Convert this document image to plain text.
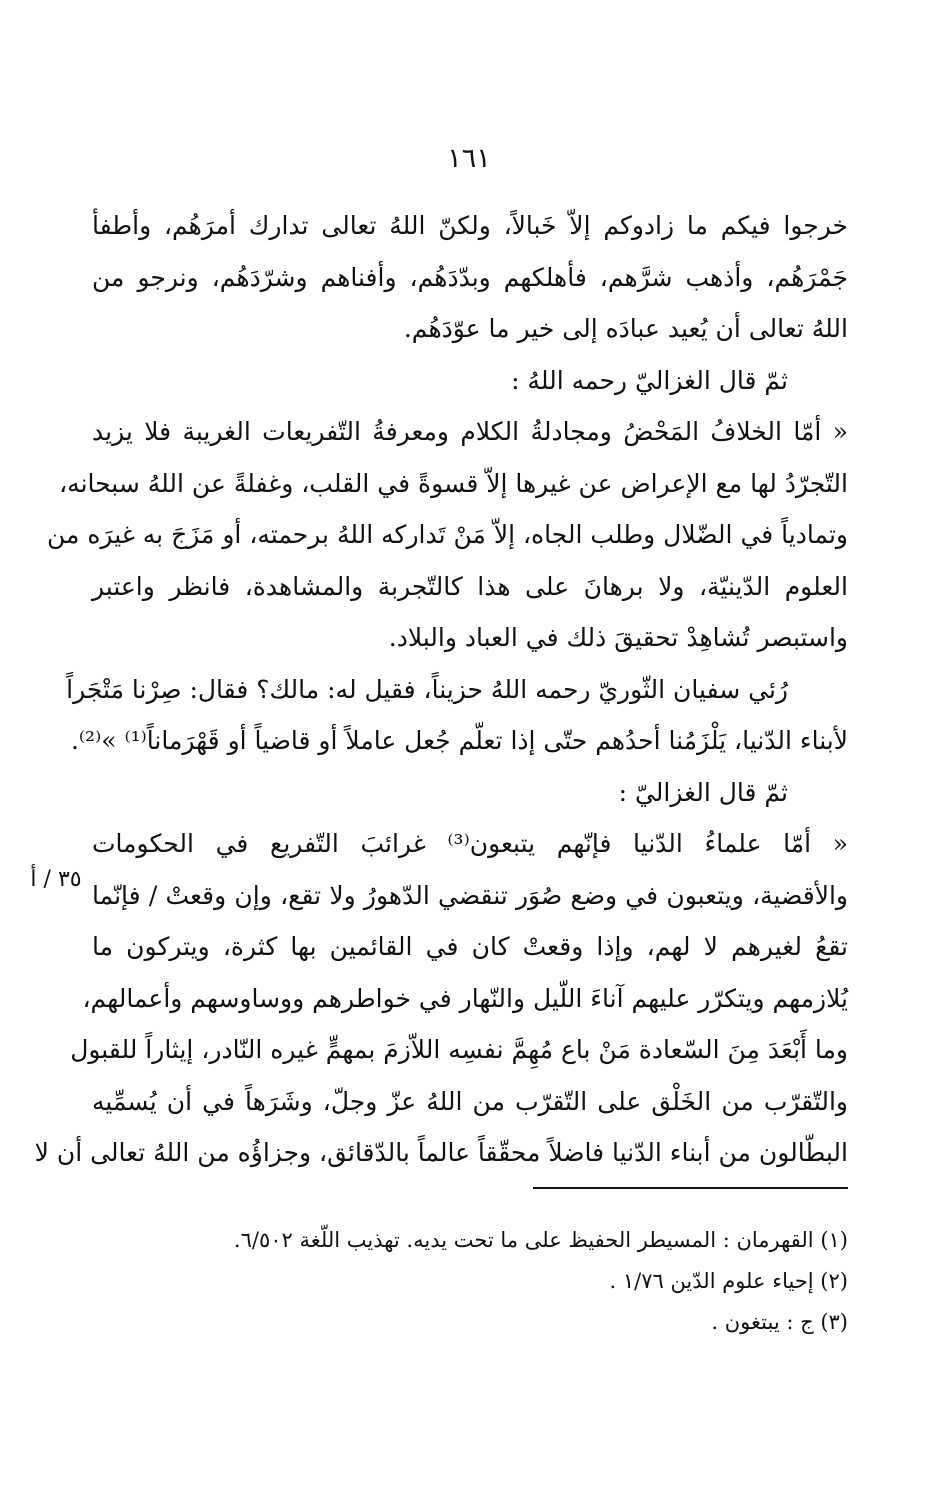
١٦١
خرجوا فيكم ما زادوكم إلاّ خَبالاً، ولكنّ اللهُ تعالى تدارك أمرَهُم، وأطفأ
جَمْرَهُم، وأذهب شرَّهم، فأهلكهم وبدّدَهُم، وأفناهم وشرّدَهُم، ونرجو من
اللهُ تعالى أن يُعيد عبادَه إلى خير ما عوّدَهُم.
ثمّ قال الغزاليّ رحمه اللهُ :
« أمّا الخلافُ المَحْضُ ومجادلةُ الكلام ومعرفةُ التّفريعات الغريبة فلا يزيد
التّجرّدُ لها مع الإعراض عن غيرها إلاّ قسوةً في القلب، وغفلةً عن اللهُ سبحانه،
وتمادياً في الضّلال وطلب الجاه، إلاّ مَنْ تَداركه اللهُ برحمته، أو مَزَجَ به غيرَه من
العلوم الدّينيّة، ولا برهانَ على هذا كالتّجربة والمشاهدة، فانظر واعتبر
واستبصر تُشاهِدْ تحقيقَ ذلك في العباد والبلاد.
رُئي سفيان الثّوريّ رحمه اللهُ حزيناً، فقيل له: مالك؟ فقال: صِرْنا مَتْجَراً
لأبناء الدّنيا، يَلْزَمُنا أحدُهم حتّى إذا تعلّم جُعل عاملاً أو قاضياً أو قَهْرَماناً⁽¹⁾ »⁽²⁾.
ثمّ قال الغزاليّ :
« أمّا علماءُ الدّنيا فإنّهم يتبعون⁽³⁾ غرائبَ التّفريع في الحكومات
والأقضية، ويتعبون في وضع صُوَر تنقضي الدّهورُ ولا تقع، وإن وقعتْ / فإنّما
تقعُ لغيرهم لا لهم، وإذا وقعتْ كان في القائمين بها كثرة، ويتركون ما
يُلازمهم ويتكرّر عليهم آناءَ اللّيل والنّهار في خواطرهم ووساوسهم وأعمالهم،
وما أَبْعَدَ مِنَ السّعادة مَنْ باع مُهِمَّ نفسِه اللاّزمَ بمهمٍّ غيره النّادر، إيثاراً للقبول
والتّقرّب من الخَلْق على التّقرّب من اللهُ عزّ وجلّ، وشَرَهاً في أن يُسمِّيه
البطّالون من أبناء الدّنيا فاضلاً محقّقاً عالماً بالدّقائق، وجزاؤُه من اللهُ تعالى أن لا
٣٥ / أ
(١) القهرمان : المسيطر الحفيظ على ما تحت يديه. تهذيب اللّغة ٦/٥٠٢.
(٢) إحياء علوم الدّين ١/٧٦ .
(٣) ج : يبتغون .
